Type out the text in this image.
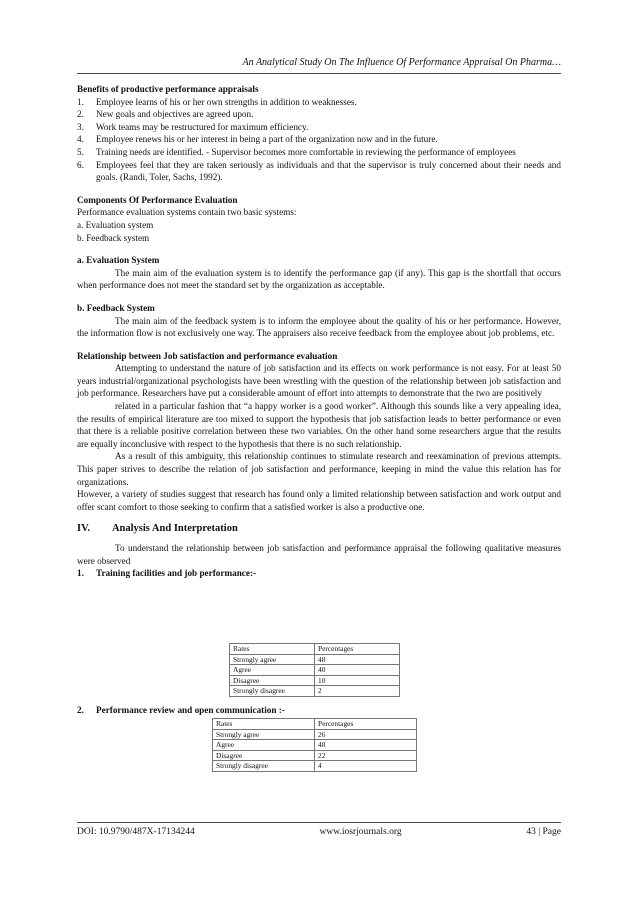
An Analytical Study On The Influence Of Performance Appraisal On Pharma…

Benefits of productive performance appraisals

1.	Employee learns of his or her own strengths in addition to weaknesses.
2.	New goals and objectives are agreed upon.
3.	Work teams may be restructured for maximum efficiency.
4.	Employee renews his or her interest in being a part of the organization now and in the future.
5.	Training needs are identified. - Supervisor becomes more comfortable in reviewing the performance of employees
6.	Employees feel that they are taken seriously as individuals and that the supervisor is truly concerned about their needs and goals. (Randi, Toler, Sachs, 1992).

Components Of Performance Evaluation

Performance evaluation systems contain two basic systems:

a. Evaluation system

b. Feedback system

a. Evaluation System

The main aim of the evaluation system is to identify the performance gap (if any). This gap is the shortfall that occurs when performance does not meet the standard set by the organization as acceptable.

b. Feedback System

The main aim of the feedback system is to inform the employee about the quality of his or her performance. However, the information flow is not exclusively one way. The appraisers also receive feedback from the employee about job problems, etc.

Relationship between Job satisfaction and performance evaluation

Attempting to understand the nature of job satisfaction and its effects on work performance is not easy. For at least 50 years industrial/organizational psychologists have been wrestling with the question of the relationship between job satisfaction and job performance. Researchers have put a considerable amount of effort into attempts to demonstrate that the two are positively

related in a particular fashion that “a happy worker is a good worker”. Although this sounds like a very appealing idea, the results of empirical literature are too mixed to support the hypothesis that job satisfaction leads to better performance or even that there is a reliable positive correlation between these two variables. On the other hand some researchers argue that the results are equally inconclusive with respect to the hypothesis that there is no such relationship.

As a result of this ambiguity, this relationship continues to stimulate research and reexamination of previous attempts. This paper strives to describe the relation of job satisfaction and performance, keeping in mind the value this relation has for organizations.

However, a variety of studies suggest that research has found only a limited relationship between satisfaction and work output and offer scant comfort to those seeking to confirm that a satisfied worker is also a productive one.

IV. Analysis And Interpretation

To understand the relationship between job satisfaction and performance appraisal the following qualitative measures were observed

1.	Training facilities and job performance:-
Rates	Percentages
Strongly agree	48
Agree	40
Disagree	10
Strongly disagree	2
2.	Performance review and open communication :-
Rates	Percentages
Strongly agree	26
Agree	48
Disagree	22
Strongly disagree	4
DOI: 10.9790/487X-17134244	www.iosrjournals.org	43 | Page
